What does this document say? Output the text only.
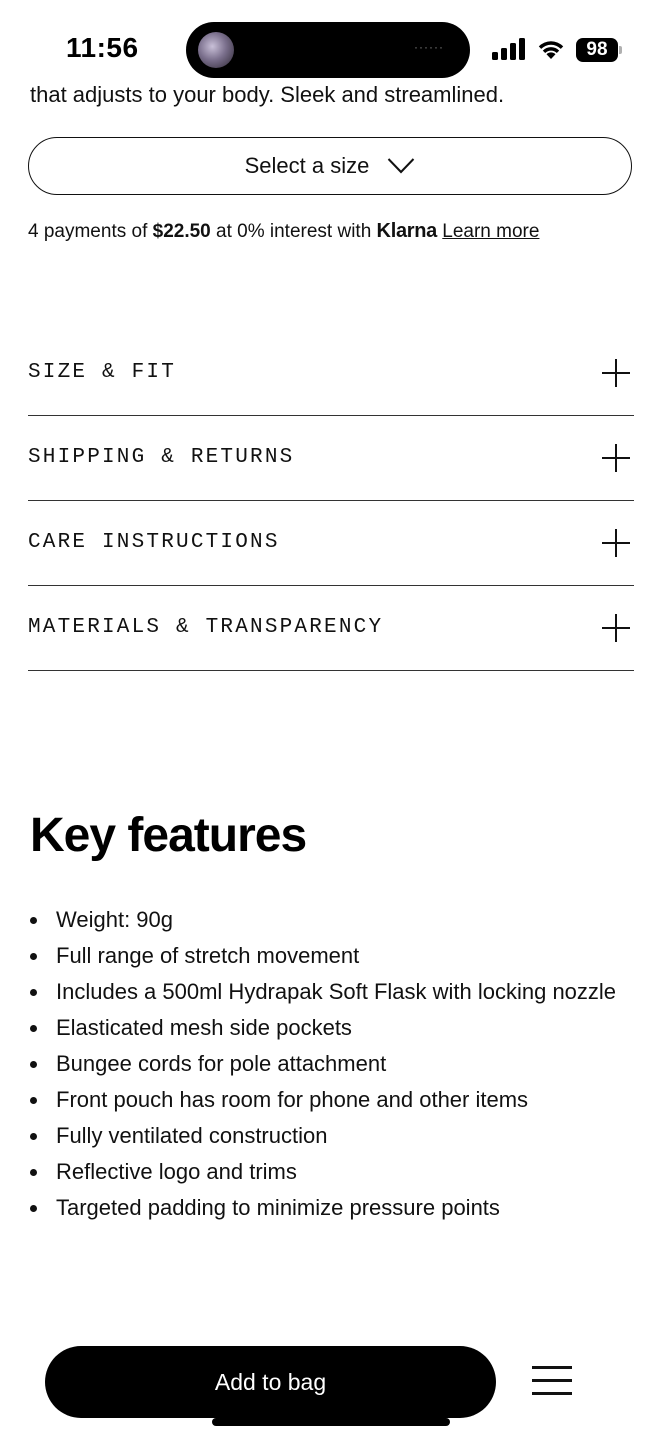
11:56	······	98
that adjusts to your body. Sleek and streamlined.
Select a size
4 payments of $22.50 at 0% interest with Klarna Learn more
SIZE & FIT
SHIPPING & RETURNS
CARE INSTRUCTIONS
MATERIALS & TRANSPARENCY
Key features
Weight: 90g
Full range of stretch movement
Includes a 500ml Hydrapak Soft Flask with locking nozzle
Elasticated mesh side pockets
Bungee cords for pole attachment
Front pouch has room for phone and other items
Fully ventilated construction
Reflective logo and trims
Targeted padding to minimize pressure points
Add to bag
